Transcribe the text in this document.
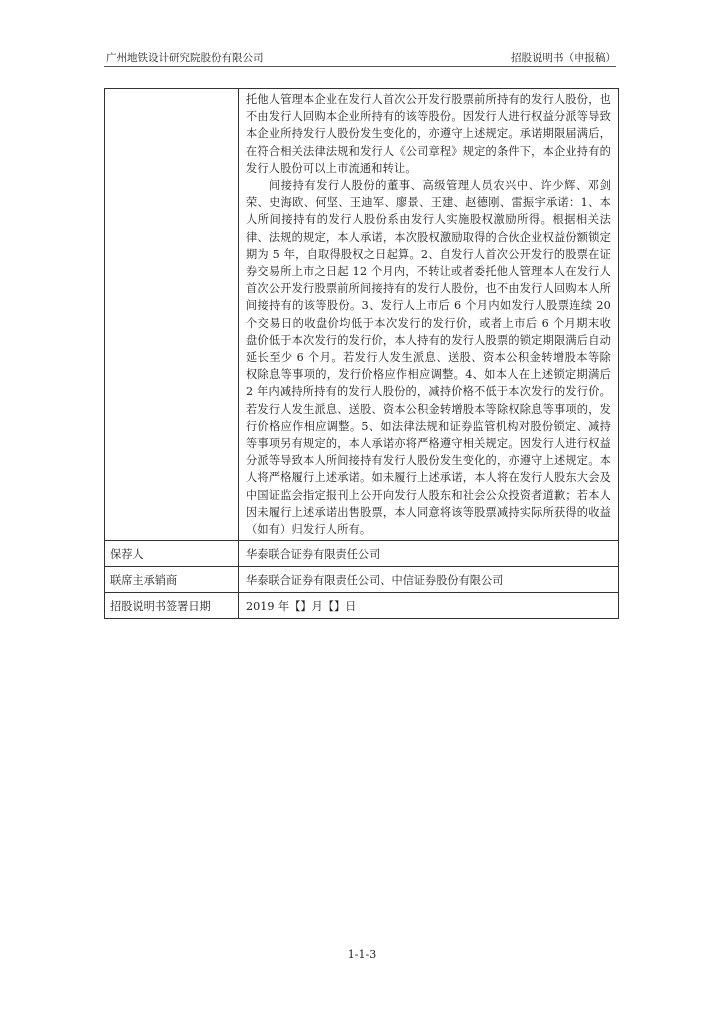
广州地铁设计研究院股份有限公司	招股说明书（申报稿）

	托他人管理本企业在发行人首次公开发行股票前所持有的发行人股份，也不由发行人回购本企业所持有的该等股份。因发行人进行权益分派等导致本企业所持发行人股份发生变化的，亦遵守上述规定。承诺期限届满后，在符合相关法律法规和发行人《公司章程》规定的条件下，本企业持有的发行人股份可以上市流通和转让。

间接持有发行人股份的董事、高级管理人员农兴中、许少辉、邓剑荣、史海欧、何坚、王迪军、廖景、王建、赵德刚、雷振宇承诺：1、本人所间接持有的发行人股份系由发行人实施股权激励所得。根据相关法律、法规的规定，本人承诺，本次股权激励取得的合伙企业权益份额锁定期为 5 年，自取得股权之日起算。2、自发行人首次公开发行的股票在证券交易所上市之日起 12 个月内，不转让或者委托他人管理本人在发行人首次公开发行股票前所间接持有的发行人股份，也不由发行人回购本人所间接持有的该等股份。3、发行人上市后 6 个月内如发行人股票连续 20 个交易日的收盘价均低于本次发行的发行价，或者上市后 6 个月期末收盘价低于本次发行的发行价，本人持有的发行人股票的锁定期限满后自动延长至少 6 个月。若发行人发生派息、送股、资本公积金转增股本等除权除息等事项的，发行价格应作相应调整。4、如本人在上述锁定期满后 2 年内减持所持有的发行人股份的，减持价格不低于本次发行的发行价。若发行人发生派息、送股、资本公积金转增股本等除权除息等事项的，发行价格应作相应调整。5、如法律法规和证券监管机构对股份锁定、减持等事项另有规定的，本人承诺亦将严格遵守相关规定。因发行人进行权益分派等导致本人所间接持有发行人股份发生变化的，亦遵守上述规定。本人将严格履行上述承诺。如未履行上述承诺，本人将在发行人股东大会及中国证监会指定报刊上公开向发行人股东和社会公众投资者道歉；若本人因未履行上述承诺出售股票，本人同意将该等股票减持实际所获得的收益（如有）归发行人所有。

保荐人	华泰联合证券有限责任公司
联席主承销商	华泰联合证券有限责任公司、中信证券股份有限公司
招股说明书签署日期	2019 年【】月【】日
1-1-3
